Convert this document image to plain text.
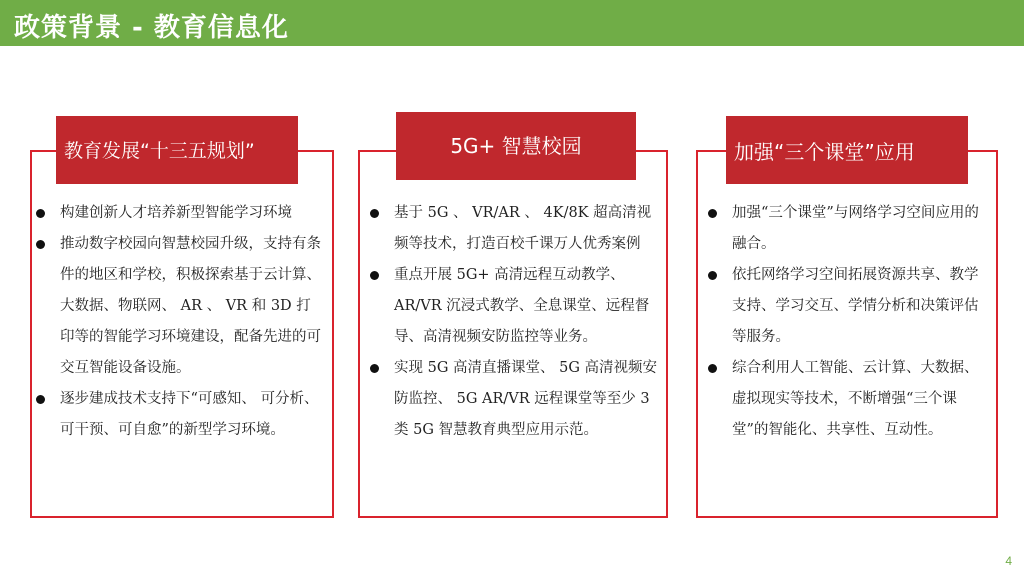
政策背景 - 教育信息化
教育发展“十三五规划”
构建创新人才培养新型智能学习环境
推动数字校园向智慧校园升级，支持有条件的地区和学校，积极探索基于云计算、大数据、物联网、 AR 、 VR 和 3D 打印等的智能学习环境建设，配备先进的可交互智能设备设施。
逐步建成技术支持下“可感知、 可分析、可干预、可自愈”的新型学习环境。
5G+ 智慧校园
基于 5G 、 VR/AR 、 4K/8K 超高清视频等技术，打造百校千课万人优秀案例
重点开展 5G+ 高清远程互动教学、AR/VR 沉浸式教学、全息课堂、远程督导、高清视频安防监控等业务。
实现 5G 高清直播课堂、 5G 高清视频安防监控、 5G AR/VR 远程课堂等至少 3 类 5G 智慧教育典型应用示范。
加强“三个课堂”应用
加强“三个课堂”与网络学习空间应用的融合。
依托网络学习空间拓展资源共享、教学支持、学习交互、学情分析和决策评估等服务。
综合利用人工智能、云计算、大数据、虚拟现实等技术，不断增强“三个课堂”的智能化、共享性、互动性。
4
